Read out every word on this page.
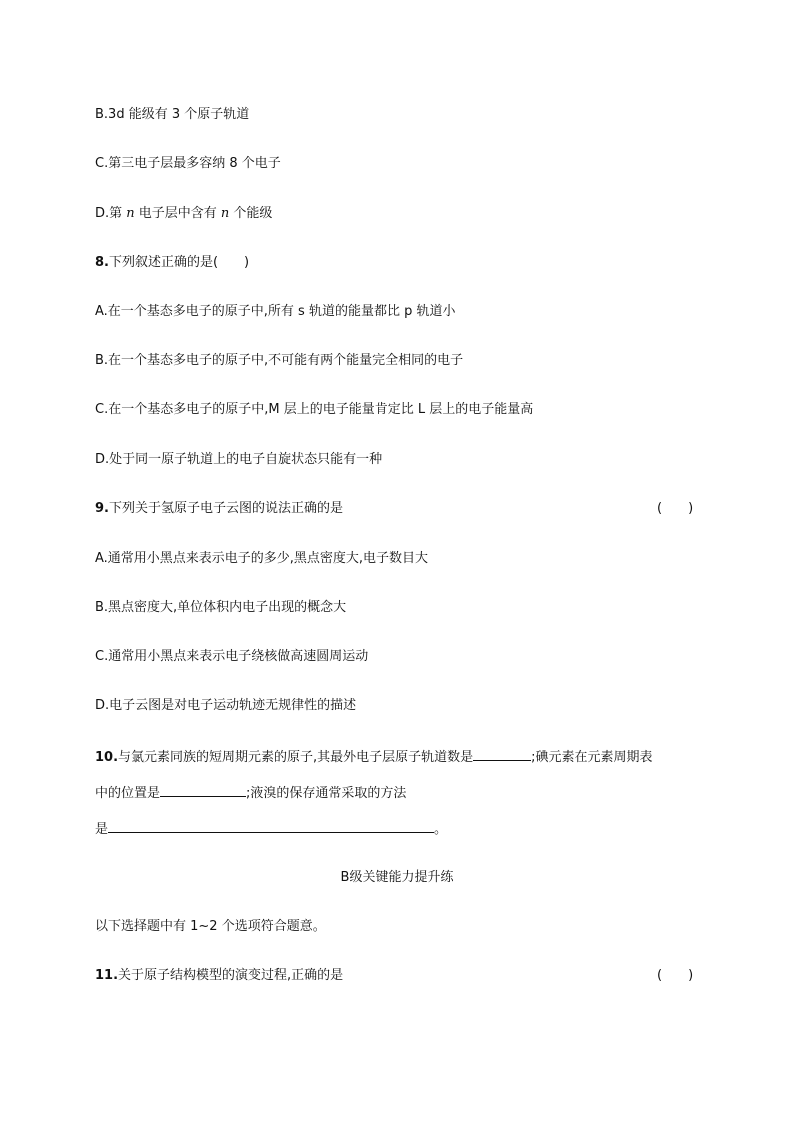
B.3d 能级有 3 个原子轨道
C.第三电子层最多容纳 8 个电子
D.第 n 电子层中含有 n 个能级
8.下列叙述正确的是(　　)
A.在一个基态多电子的原子中,所有 s 轨道的能量都比 p 轨道小
B.在一个基态多电子的原子中,不可能有两个能量完全相同的电子
C.在一个基态多电子的原子中,M 层上的电子能量肯定比 L 层上的电子能量高
D.处于同一原子轨道上的电子自旋状态只能有一种
9.下列关于氢原子电子云图的说法正确的是	(　　)
A.通常用小黑点来表示电子的多少,黑点密度大,电子数目大
B.黑点密度大,单位体积内电子出现的概念大
C.通常用小黑点来表示电子绕核做高速圆周运动
D.电子云图是对电子运动轨迹无规律性的描述
10.与氯元素同族的短周期元素的原子,其最外电子层原子轨道数是	;碘元素在元素周期表
中的位置是	;液溴的保存通常采取的方法
是	。
B级关键能力提升练
以下选择题中有 1~2 个选项符合题意。
11.关于原子结构模型的演变过程,正确的是	(　　)
